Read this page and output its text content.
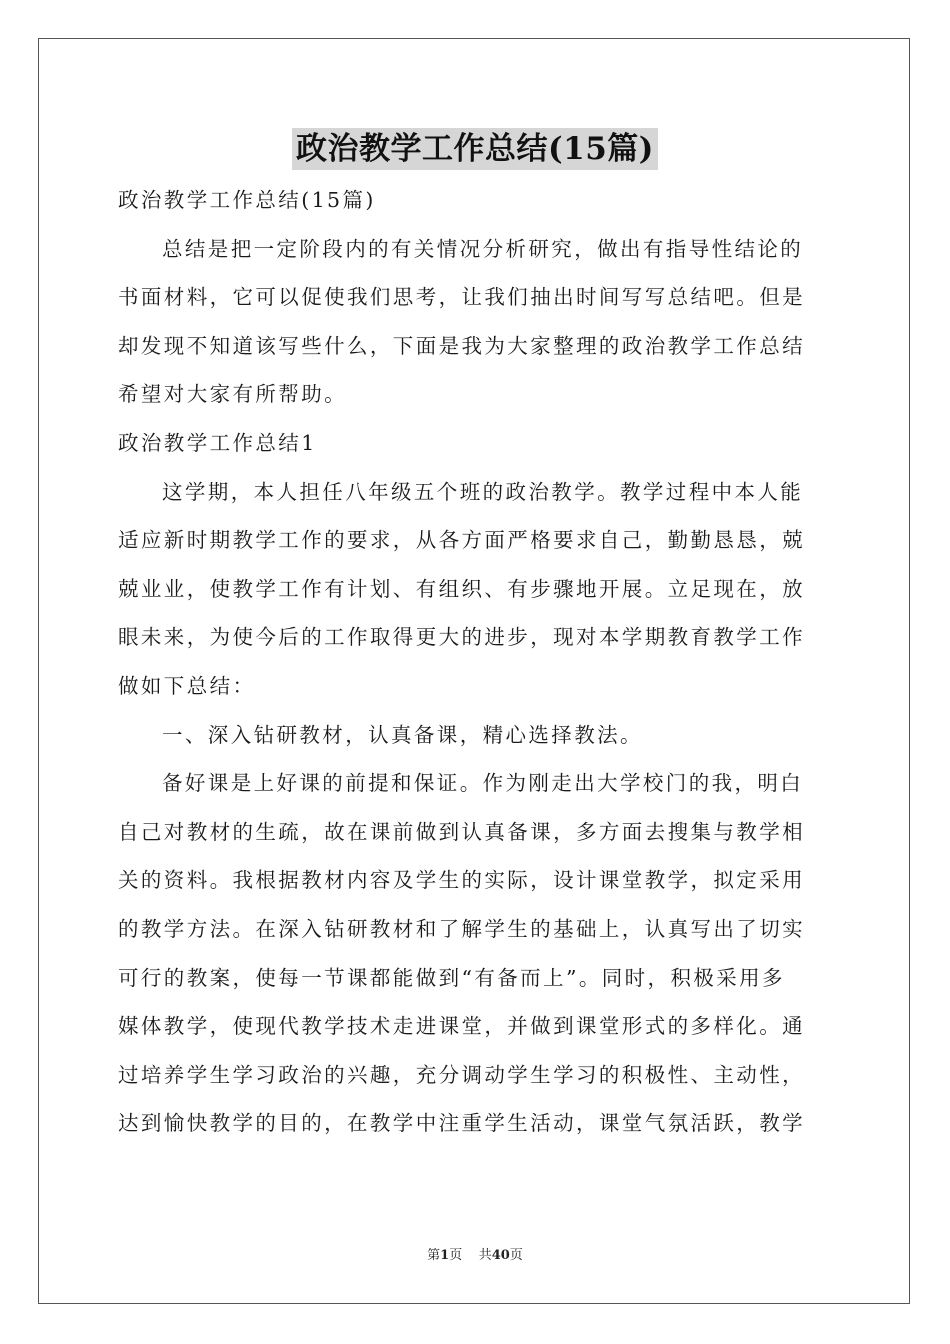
政治教学工作总结(15篇)
政治教学工作总结(15篇)
总结是把一定阶段内的有关情况分析研究，做出有指导性结论的
书面材料，它可以促使我们思考，让我们抽出时间写写总结吧。但是
却发现不知道该写些什么，下面是我为大家整理的政治教学工作总结
希望对大家有所帮助。
政治教学工作总结1
这学期，本人担任八年级五个班的政治教学。教学过程中本人能
适应新时期教学工作的要求，从各方面严格要求自己，勤勤恳恳，兢
兢业业，使教学工作有计划、有组织、有步骤地开展。立足现在，放
眼未来，为使今后的工作取得更大的进步，现对本学期教育教学工作
做如下总结：
一、深入钻研教材，认真备课，精心选择教法。
备好课是上好课的前提和保证。作为刚走出大学校门的我，明白
自己对教材的生疏，故在课前做到认真备课，多方面去搜集与教学相
关的资料。我根据教材内容及学生的实际，设计课堂教学，拟定采用
的教学方法。在深入钻研教材和了解学生的基础上，认真写出了切实
可行的教案，使每一节课都能做到“有备而上”。同时，积极采用多
媒体教学，使现代教学技术走进课堂，并做到课堂形式的多样化。通
过培养学生学习政治的兴趣，充分调动学生学习的积极性、主动性，
达到愉快教学的目的，在教学中注重学生活动，课堂气氛活跃，教学
第1页 共40页
